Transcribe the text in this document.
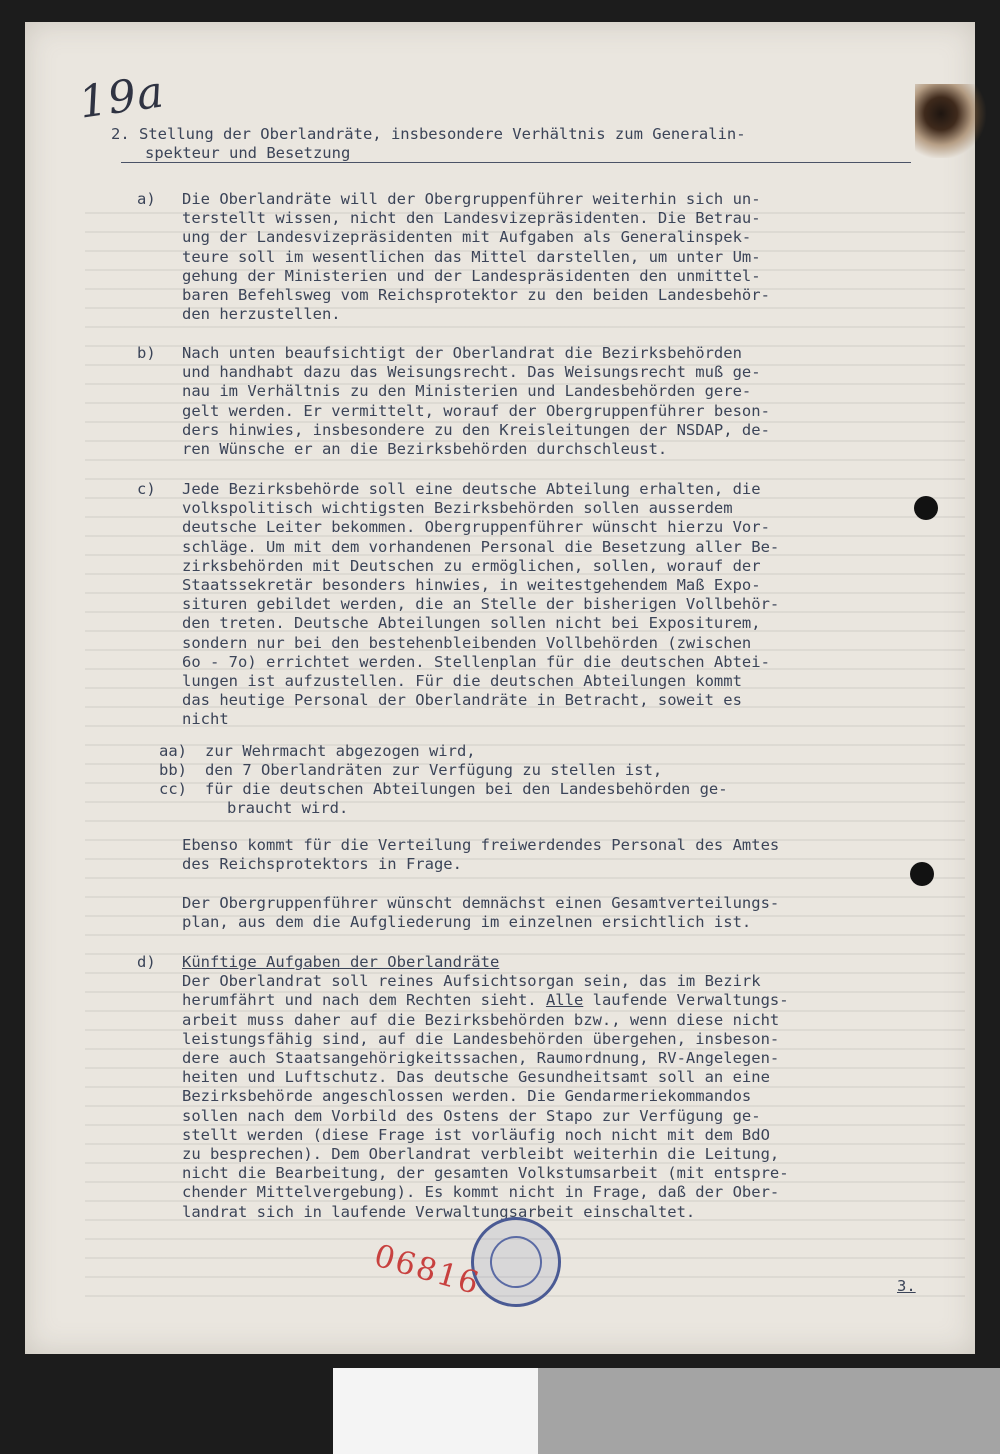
19a
2. Stellung der Oberlandräte, insbesondere Verhältnis zum Generalin-
spekteur und Besetzung
a) Die Oberlandräte will der Obergruppenführer weiterhin sich un-
terstellt wissen, nicht den Landesvizepräsidenten. Die Betrau-
ung der Landesvizepräsidenten mit Aufgaben als Generalinspek-
teure soll im wesentlichen das Mittel darstellen, um unter Um-
gehung der Ministerien und der Landespräsidenten den unmittel-
baren Befehlsweg vom Reichsprotektor zu den beiden Landesbehör-
den herzustellen.
b) Nach unten beaufsichtigt der Oberlandrat die Bezirksbehörden
und handhabt dazu das Weisungsrecht. Das Weisungsrecht muß ge-
nau im Verhältnis zu den Ministerien und Landesbehörden gere-
gelt werden. Er vermittelt, worauf der Obergruppenführer beson-
ders hinwies, insbesondere zu den Kreisleitungen der NSDAP, de-
ren Wünsche er an die Bezirksbehörden durchschleust.
c) Jede Bezirksbehörde soll eine deutsche Abteilung erhalten, die
volkspolitisch wichtigsten Bezirksbehörden sollen ausserdem
deutsche Leiter bekommen. Obergruppenführer wünscht hierzu Vor-
schläge. Um mit dem vorhandenen Personal die Besetzung aller Be-
zirksbehörden mit Deutschen zu ermöglichen, sollen, worauf der
Staatssekretär besonders hinwies, in weitestgehendem Maß Expo-
situren gebildet werden, die an Stelle der bisherigen Vollbehör-
den treten. Deutsche Abteilungen sollen nicht bei Expositurem,
sondern nur bei den bestehenbleibenden Vollbehörden (zwischen
6o - 7o) errichtet werden. Stellenplan für die deutschen Abtei-
lungen ist aufzustellen. Für die deutschen Abteilungen kommt
das heutige Personal der Oberlandräte in Betracht, soweit es
nicht
aa) zur Wehrmacht abgezogen wird,
bb) den 7 Oberlandräten zur Verfügung zu stellen ist,
cc) für die deutschen Abteilungen bei den Landesbehörden ge-
braucht wird.
Ebenso kommt für die Verteilung freiwerdendes Personal des Amtes
des Reichsprotektors in Frage.
Der Obergruppenführer wünscht demnächst einen Gesamtverteilungs-
plan, aus dem die Aufgliederung im einzelnen ersichtlich ist.
d) Künftige Aufgaben der Oberlandräte
Der Oberlandrat soll reines Aufsichtsorgan sein, das im Bezirk
herumfährt und nach dem Rechten sieht. Alle laufende Verwaltungs-
arbeit muss daher auf die Bezirksbehörden bzw., wenn diese nicht
leistungsfähig sind, auf die Landesbehörden übergehen, insbeson-
dere auch Staatsangehörigkeitssachen, Raumordnung, RV-Angelegen-
heiten und Luftschutz. Das deutsche Gesundheitsamt soll an eine
Bezirksbehörde angeschlossen werden. Die Gendarmeriekommandos
sollen nach dem Vorbild des Ostens der Stapo zur Verfügung ge-
stellt werden (diese Frage ist vorläufig noch nicht mit dem BdO
zu besprechen). Dem Oberlandrat verbleibt weiterhin die Leitung,
nicht die Bearbeitung, der gesamten Volkstumsarbeit (mit entspre-
chender Mittelvergebung). Es kommt nicht in Frage, daß der Ober-
landrat sich in laufende Verwaltungsarbeit einschaltet.
3.
06816
